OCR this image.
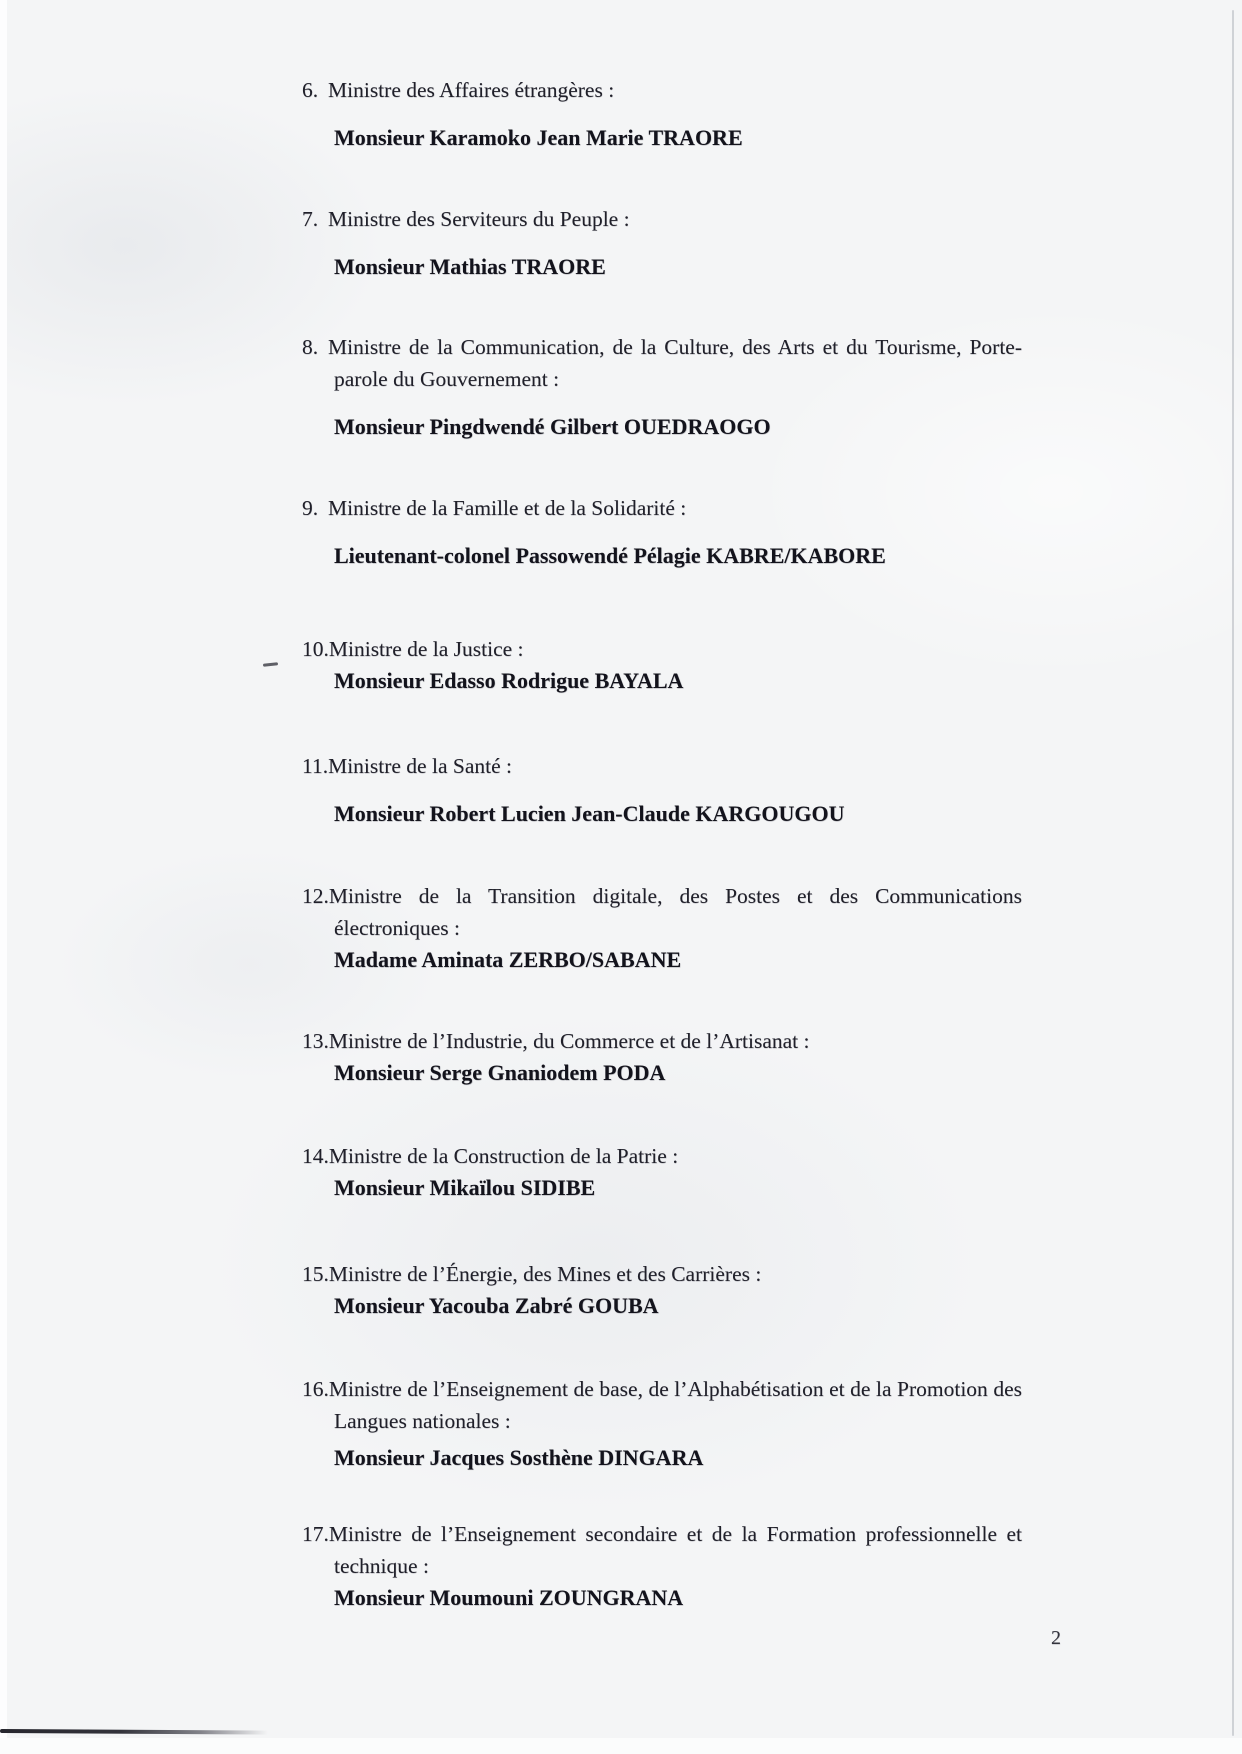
6. Ministre des Affaires étrangères :
Monsieur Karamoko Jean Marie TRAORE
7. Ministre des Serviteurs du Peuple :
Monsieur Mathias TRAORE
8. Ministre de la Communication, de la Culture, des Arts et du Tourisme, Porte-parole du Gouvernement :
Monsieur Pingdwendé Gilbert OUEDRAOGO
9. Ministre de la Famille et de la Solidarité :
Lieutenant-colonel Passowendé Pélagie KABRE/KABORE
10.Ministre de la Justice :
Monsieur Edasso Rodrigue BAYALA
11.Ministre de la Santé :
Monsieur Robert Lucien Jean-Claude KARGOUGOU
12.Ministre de la Transition digitale, des Postes et des Communications électroniques :
Madame Aminata ZERBO/SABANE
13.Ministre de l’Industrie, du Commerce et de l’Artisanat :
Monsieur Serge Gnaniodem PODA
14.Ministre de la Construction de la Patrie :
Monsieur Mikaïlou SIDIBE
15.Ministre de l’Énergie, des Mines et des Carrières :
Monsieur Yacouba Zabré GOUBA
16.Ministre de l’Enseignement de base, de l’Alphabétisation et de la Promotion des Langues nationales :
Monsieur Jacques Sosthène DINGARA
17.Ministre de l’Enseignement secondaire et de la Formation professionnelle et technique :
Monsieur Moumouni ZOUNGRANA
2
